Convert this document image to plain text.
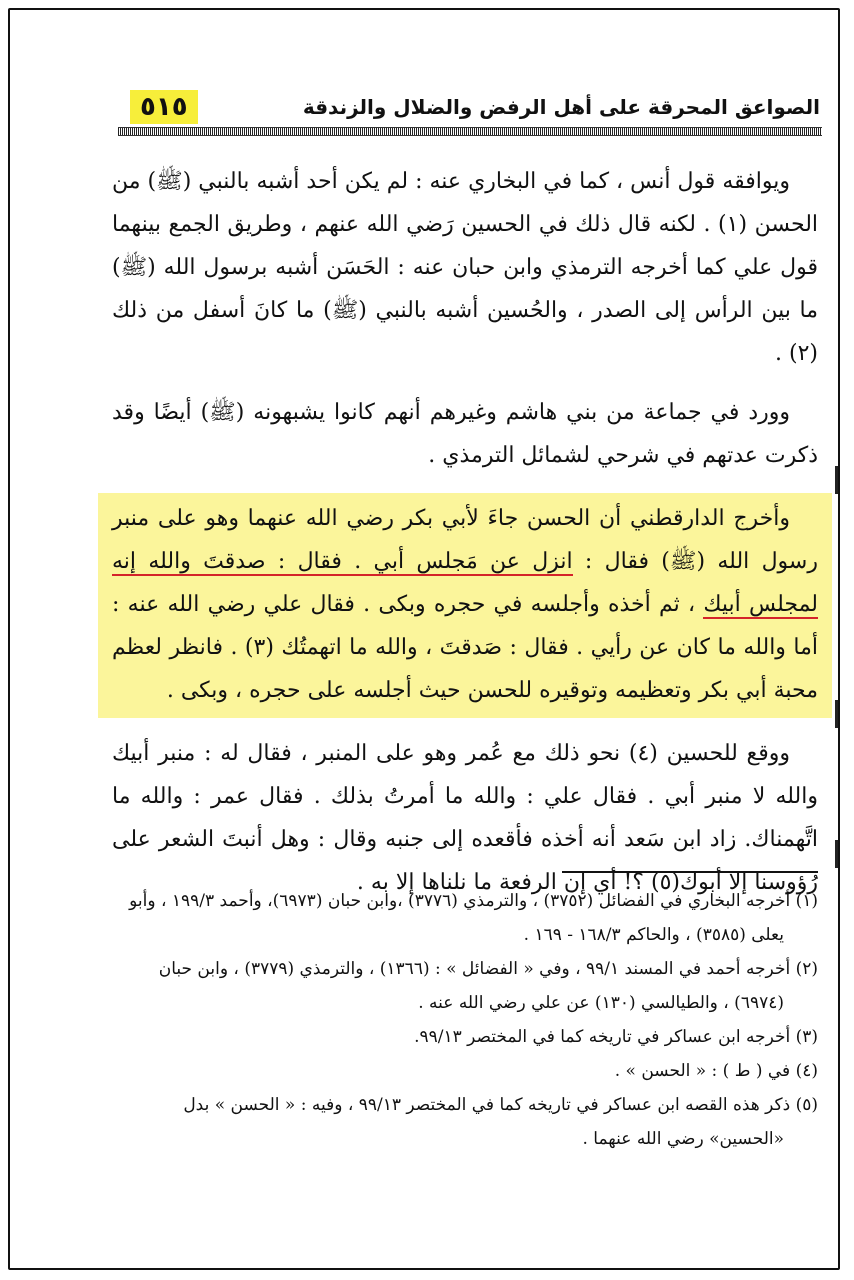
٥١٥	الصواعق المحرقة على أهل الرفض والضلال والزندقة

ويوافقه قول أنس ، كما في البخاري عنه : لم يكن أحد أشبه بالنبي (ﷺ) من الحسن (١) . لكنه قال ذلك في الحسين رَضي الله عنهم ، وطريق الجمع بينهما قول علي كما أخرجه الترمذي وابن حبان عنه : الحَسَن أشبه برسول الله (ﷺ) ما بين الرأس إلى الصدر ، والحُسين أشبه بالنبي (ﷺ) ما كانَ أسفل من ذلك (٢) .

وورد في جماعة من بني هاشم وغيرهم أنهم كانوا يشبهونه (ﷺ) أيضًا وقد ذكرت عدتهم في شرحي لشمائل الترمذي .

وأخرج الدارقطني أن الحسن جاءَ لأبي بكر رضي الله عنهما وهو على منبر رسول الله (ﷺ) فقال : انزل عن مَجلس أبي . فقال : صدقتَ والله إنه لمجلس أبيك ، ثم أخذه وأجلسه في حجره وبكى . فقال علي رضي الله عنه : أما والله ما كان عن رأيي . فقال : صَدقتَ ، والله ما اتهمتُك (٣) . فانظر لعظم محبة أبي بكر وتعظيمه وتوقيره للحسن حيث أجلسه على حجره ، وبكى .

ووقع للحسين (٤) نحو ذلك مع عُمر وهو على المنبر ، فقال له : منبر أبيك والله لا منبر أبي . فقال علي : والله ما أمرتُ بذلك . فقال عمر : والله ما اتَّهمناك. زاد ابن سَعد أنه أخذه فأقعده إلى جنبه وقال : وهل أنبتَ الشعر على رُؤوسنا إلا أبوك(٥) ؟! أي إن الرفعة ما نلناها إلا به .

(١) أخرجه البخاري في الفضائل (٣٧٥٢) ، والترمذي (٣٧٧٦) ،وابن حبان (٦٩٧٣)، وأحمد ١٩٩/٣ ، وأبو يعلى (٣٥٨٥) ، والحاكم ١٦٨/٣ - ١٦٩ .

(٢) أخرجه أحمد في المسند ٩٩/١ ، وفي « الفضائل » : (١٣٦٦) ، والترمذي (٣٧٧٩) ، وابن حبان (٦٩٧٤) ، والطيالسي (١٣٠) عن علي رضي الله عنه .

(٣) أخرجه ابن عساكر في تاريخه كما في المختصر ٩٩/١٣.

(٤) في ( ط ) : « الحسن » .

(٥) ذكر هذه القصه ابن عساكر في تاريخه كما في المختصر ٩٩/١٣ ، وفيه : « الحسن » بدل «الحسين» رضي الله عنهما .
